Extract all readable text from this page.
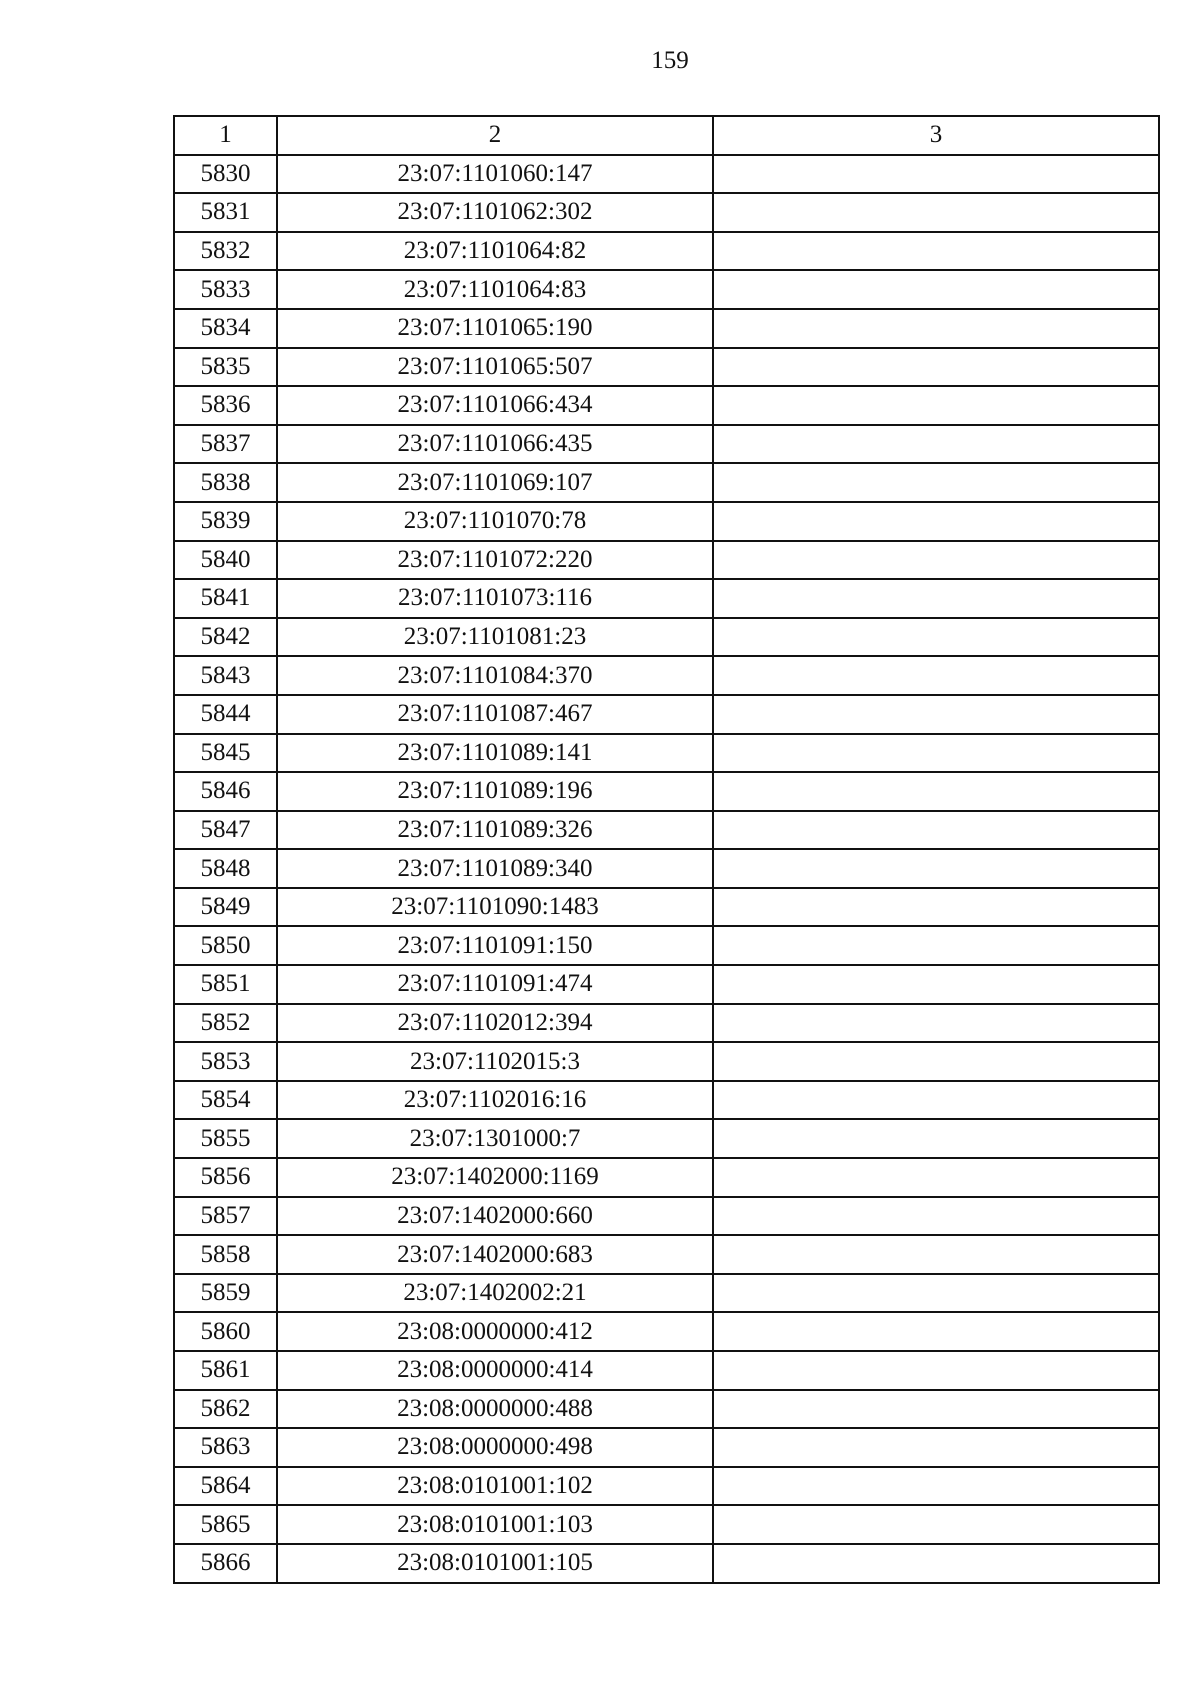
159
1	2	3
5830	23:07:1101060:147	
5831	23:07:1101062:302	
5832	23:07:1101064:82	
5833	23:07:1101064:83	
5834	23:07:1101065:190	
5835	23:07:1101065:507	
5836	23:07:1101066:434	
5837	23:07:1101066:435	
5838	23:07:1101069:107	
5839	23:07:1101070:78	
5840	23:07:1101072:220	
5841	23:07:1101073:116	
5842	23:07:1101081:23	
5843	23:07:1101084:370	
5844	23:07:1101087:467	
5845	23:07:1101089:141	
5846	23:07:1101089:196	
5847	23:07:1101089:326	
5848	23:07:1101089:340	
5849	23:07:1101090:1483	
5850	23:07:1101091:150	
5851	23:07:1101091:474	
5852	23:07:1102012:394	
5853	23:07:1102015:3	
5854	23:07:1102016:16	
5855	23:07:1301000:7	
5856	23:07:1402000:1169	
5857	23:07:1402000:660	
5858	23:07:1402000:683	
5859	23:07:1402002:21	
5860	23:08:0000000:412	
5861	23:08:0000000:414	
5862	23:08:0000000:488	
5863	23:08:0000000:498	
5864	23:08:0101001:102	
5865	23:08:0101001:103	
5866	23:08:0101001:105	
